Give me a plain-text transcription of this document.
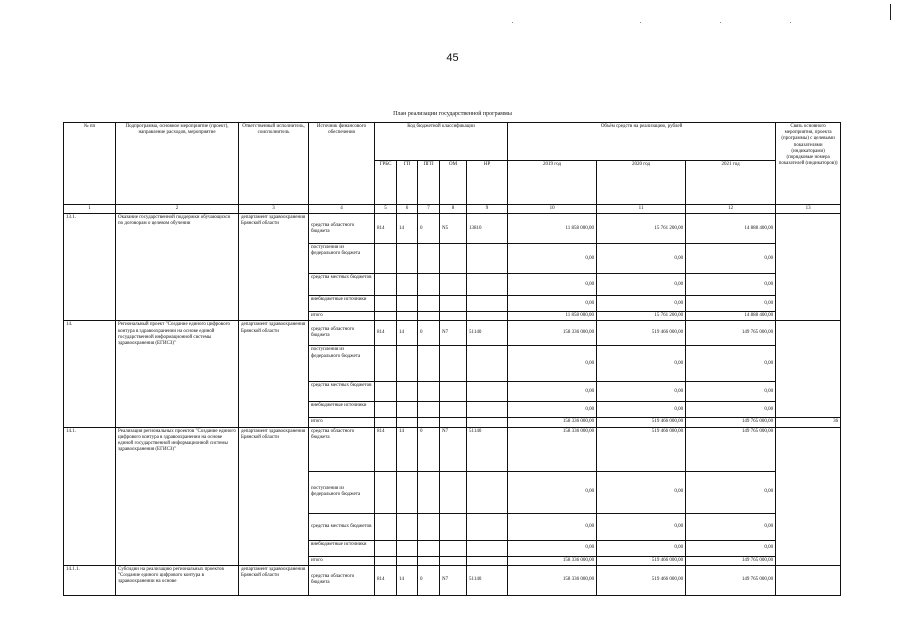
45
План реализации государственной программы
№ пп	Подпрограмма, основное мероприятие (проект), направление расходов, мероприятие	Ответственный исполнитель, соисполнитель	Источник финансового обеспечения	Код бюджетной классификации					Объём средств на реализацию, рублей			Связь основного мероприятия, проекта (программы) с целевыми показателями (индикаторами) (порядковые номера показателей (индикаторов))
				ГРБС	ГП	ПГП	ОМ	НР	2019 год	2020 год	2021 год	
1	2	3	4	5	6	7	8	9	10	11	12	13
13.1.	Оказание государственной поддержки обучающихся по договорам о целевом обучении	департамент здравоохранения Брянской области	средства областного бюджета	814	14	0	N5	13810	11 858 000,00	15 761 200,00	14 888 400,00	
			поступления из федерального бюджета						0,00	0,00	0,00	
			средства местных бюджетов						0,00	0,00	0,00	
			внебюджетные источники						0,00	0,00	0,00	
			итого						11 858 000,00	15 761 200,00	14 888 400,00	
14.	Региональный проект "Создание единого цифрового контура в здравоохранении на основе единой государственной информационной системы здравоохранения (ЕГИСЗ)"	департамент здравоохранения Брянской области	средства областного бюджета	814	14	0	N7	51140	158 336 000,00	519 466 000,00	149 765 000,00	
			поступления из федерального бюджета						0,00	0,00	0,00	
			средства местных бюджетов						0,00	0,00	0,00	
			внебюджетные источники						0,00	0,00	0,00	
			итого						158 336 000,00	519 466 000,00	149 765 000,00	36
14.1.	Реализация региональных проектов "Создание единого цифрового контура в здравоохранении на основе единой государственной информационной системы здравоохранения (ЕГИСЗ)"	департамент здравоохранения Брянской области	средства областного бюджета	814	14	0	N7	51140	158 336 000,00	519 466 000,00	149 765 000,00	
			поступления из федерального бюджета						0,00	0,00	0,00	
			средства местных бюджетов						0,00	0,00	0,00	
			внебюджетные источники						0,00	0,00	0,00	
			итого						158 336 000,00	519 466 000,00	149 765 000,00	
14.1.1.	Субсидии на реализацию региональных проектов "Создание единого цифрового контура в здравоохранении на основе	департамент здравоохранения Брянской области	средства областного бюджета	814	14	0	N7	51140	158 336 000,00	519 466 000,00	149 765 000,00	
